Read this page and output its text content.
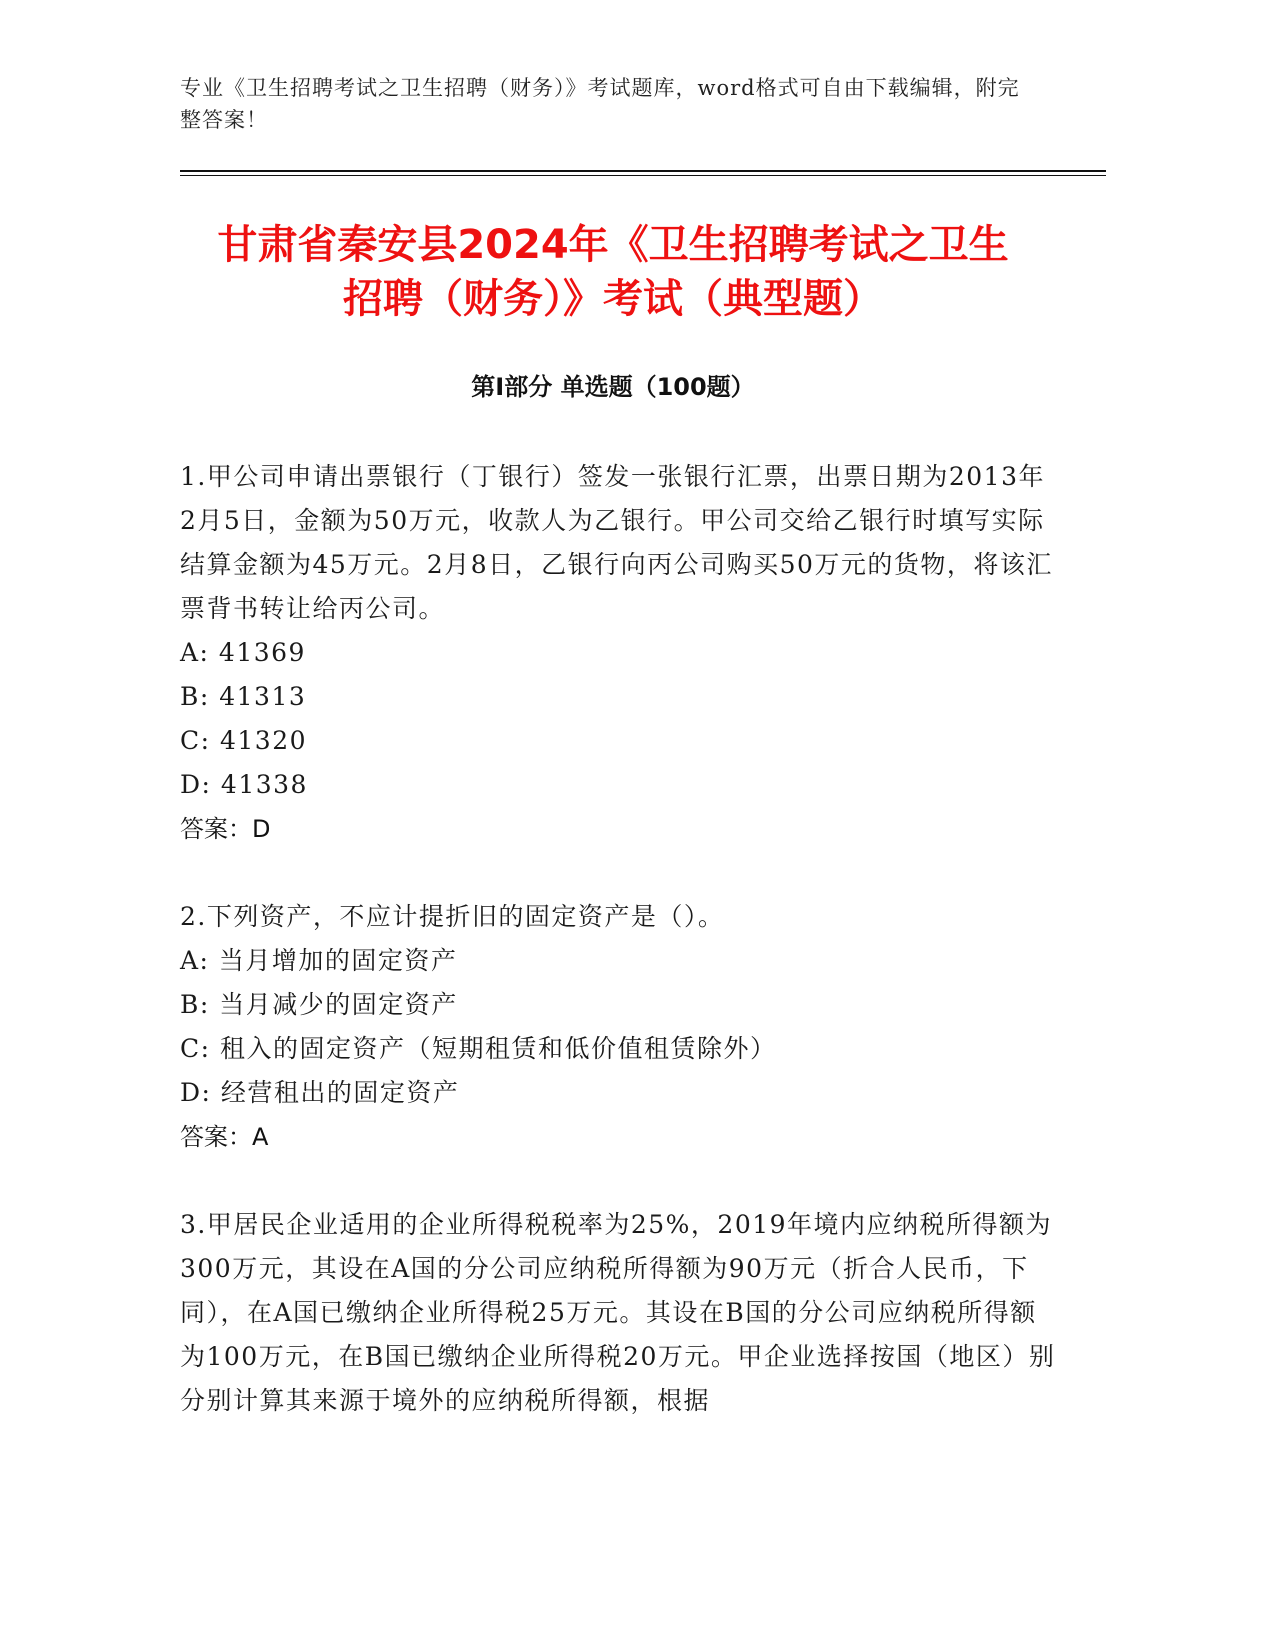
专业《卫生招聘考试之卫生招聘（财务）》考试题库，word格式可自由下载编辑，附完整答案！
甘肃省秦安县2024年《卫生招聘考试之卫生
招聘（财务）》考试（典型题）
第I部分 单选题（100题）

1.甲公司申请出票银行（丁银行）签发一张银行汇票，出票日期为2013年2月5日，金额为50万元，收款人为乙银行。甲公司交给乙银行时填写实际结算金额为45万元。2月8日，乙银行向丙公司购买50万元的货物，将该汇票背书转让给丙公司。

A: 41369

B: 41313

C: 41320

D: 41338

答案：D

2.下列资产，不应计提折旧的固定资产是（）。

A: 当月增加的固定资产

B: 当月减少的固定资产

C: 租入的固定资产（短期租赁和低价值租赁除外）

D: 经营租出的固定资产

答案：A

3.甲居民企业适用的企业所得税税率为25%，2019年境内应纳税所得额为300万元，其设在A国的分公司应纳税所得额为90万元（折合人民币，下同），在A国已缴纳企业所得税25万元。其设在B国的分公司应纳税所得额为100万元，在B国已缴纳企业所得税20万元。甲企业选择按国（地区）别分别计算其来源于境外的应纳税所得额，根据
